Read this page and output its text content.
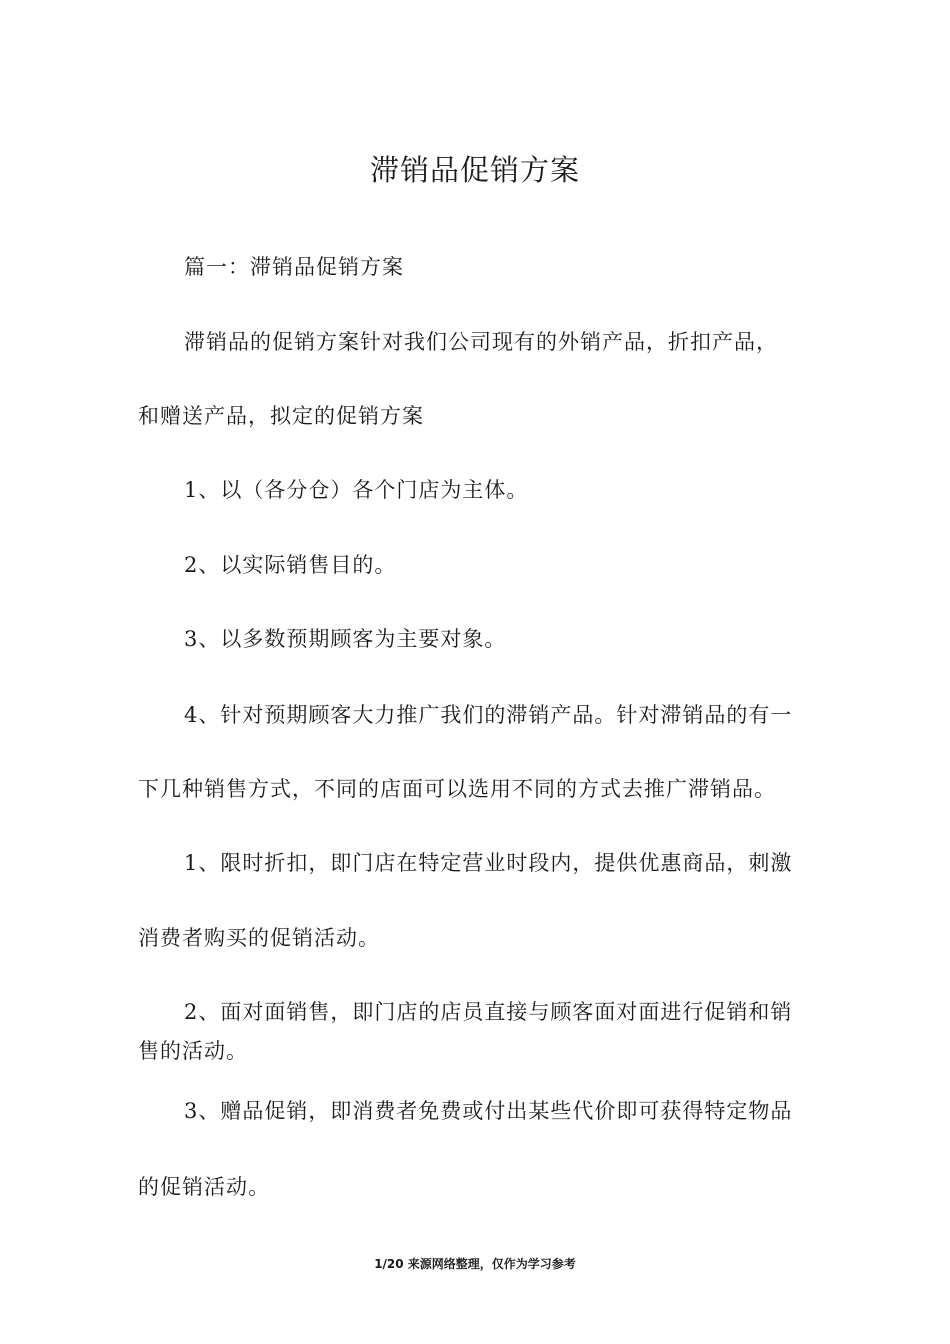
滞销品促销方案
篇一：滞销品促销方案
滞销品的促销方案针对我们公司现有的外销产品，折扣产品，
和赠送产品，拟定的促销方案
1、以（各分仓）各个门店为主体。
2、以实际销售目的。
3、以多数预期顾客为主要对象。
4、针对预期顾客大力推广我们的滞销产品。针对滞销品的有一
下几种销售方式，不同的店面可以选用不同的方式去推广滞销品。
1、限时折扣，即门店在特定营业时段内，提供优惠商品，刺激
消费者购买的促销活动。
2、面对面销售，即门店的店员直接与顾客面对面进行促销和销
售的活动。
3、赠品促销，即消费者免费或付出某些代价即可获得特定物品
的促销活动。
1/20 来源网络整理，仅作为学习参考
